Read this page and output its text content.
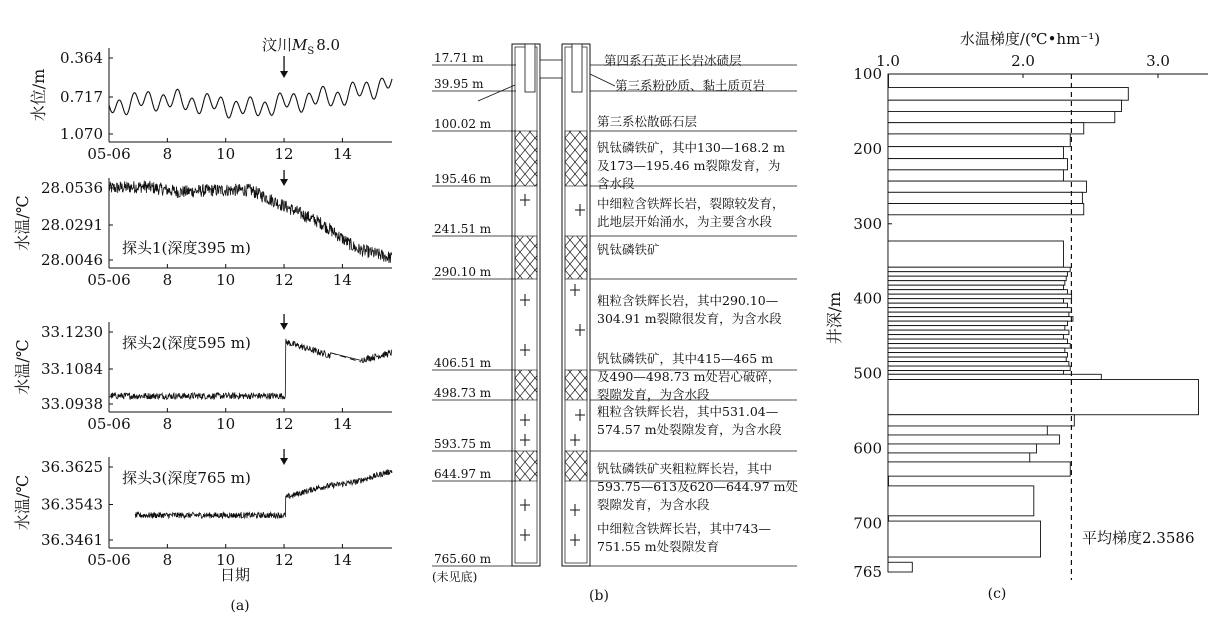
0.364
0.717
1.070
05-06 8	10	12	14
水位/m
28.0536
28.0291
28.0046
05-06 8	10	12	14
水温/℃	探头1(深度395 m)
33.1230
33.1084
33.0938
05-06 8	10	12	14
水温/℃	探头2(深度595 m)
36.3625
36.3543
36.3461
05-06 8	10	12	14
水温/℃	探头3(深度765 m)
17.71 m
39.95 m
100.02 m
195.46 m
241.51 m
290.10 m
406.51 m
498.73 m
593.75 m
644.97 m
765.60 m
第四系石英正长岩冰碛层
第三系粉砂质、黏土质页岩
第三系松散砾石层
钒钛磷铁矿，其中130—168.2 m
及173—195.46 m裂隙发育，为
含水段
中细粒含铁辉长岩，裂隙较发育，
此地层开始涌水，为主要含水段
钒钛磷铁矿
粗粒含铁辉长岩，其中290.10—
304.91 m裂隙很发育，为含水段
钒钛磷铁矿，其中415—465 m
及490—498.73 m处岩心破碎，
裂隙发育，为含水段
粗粒含铁辉长岩，其中531.04—
574.57 m处裂隙发育，为含水段
钒钛磷铁矿夹粗粒辉长岩，其中
593.75—613及620—644.97 m处
裂隙发育，为含水段
中细粒含铁辉长岩，其中743—
751.55 m处裂隙发育
1.0	2.0	3.0
100
200
300
400
500
600
700
765
日期
(a)
(b)	(c)
(未见底)
水温梯度/(℃•hm⁻¹)
井深/m
平均梯度2.3586
汶川$M_S$ 8.0
